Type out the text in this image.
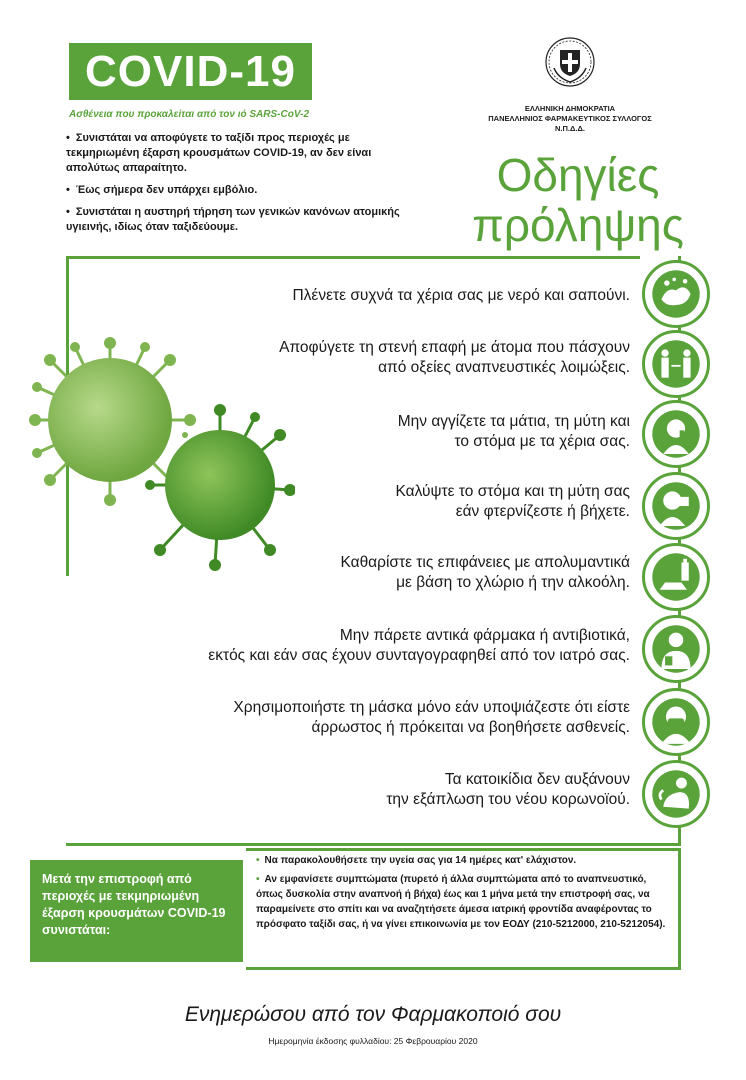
COVID-19
Ασθένεια που προκαλείται από τον ιό SARS-CoV-2
• Συνιστάται να αποφύγετε το ταξίδι προς περιοχές με τεκμηριωμένη έξαρση κρουσμάτων COVID-19, αν δεν είναι απολύτως απαραίτητο.
• Έως σήμερα δεν υπάρχει εμβόλιο.
• Συνιστάται η αυστηρή τήρηση των γενικών κανόνων ατομικής υγιεινής, ιδίως όταν ταξιδεύουμε.
ΕΛΛΗΝΙΚΗ ΔΗΜΟΚΡΑΤΙΑ
ΠΑΝΕΛΛΗΝΙΟΣ ΦΑΡΜΑΚΕΥΤΙΚΟΣ ΣΥΛΛΟΓΟΣ
Ν.Π.Δ.Δ.
Οδηγίες
πρόληψης
Πλένετε συχνά τα χέρια σας με νερό και σαπούνι.
Αποφύγετε τη στενή επαφή με άτομα που πάσχουν
από οξείες αναπνευστικές λοιμώξεις.
Μην αγγίζετε τα μάτια, τη μύτη και
το στόμα με τα χέρια σας.
Καλύψτε το στόμα και τη μύτη σας
εάν φτερνίζεστε ή βήχετε.
Καθαρίστε τις επιφάνειες με απολυμαντικά
με βάση το χλώριο ή την αλκοόλη.
Μην πάρετε αντικά φάρμακα ή αντιβιοτικά,
εκτός και εάν σας έχουν συνταγογραφηθεί από τον ιατρό σας.
Χρησιμοποιήστε τη μάσκα μόνο εάν υποψιάζεστε ότι είστε
άρρωστος ή πρόκειται να βοηθήσετε ασθενείς.
Τα κατοικίδια δεν αυξάνουν
την εξάπλωση του νέου κορωνοϊού.
Μετά την επιστροφή από περιοχές με τεκμηριωμένη έξαρση κρουσμάτων COVID-19 συνιστάται:
• Να παρακολουθήσετε την υγεία σας για 14 ημέρες κατ' ελάχιστον.
• Αν εμφανίσετε συμπτώματα (πυρετό ή άλλα συμπτώματα από το αναπνευστικό, όπως δυσκολία στην αναπνοή ή βήχα) έως και 1 μήνα μετά την επιστροφή σας, να παραμείνετε στο σπίτι και να αναζητήσετε άμεσα ιατρική φροντίδα αναφέροντας το πρόσφατο ταξίδι σας, ή να γίνει επικοινωνία με τον ΕΟΔΥ (210-5212000, 210-5212054).
Ενημερώσου από τον Φαρμακοποιό σου
Ημερομηνία έκδοσης φυλλαδίου: 25 Φεβρουαρίου 2020
